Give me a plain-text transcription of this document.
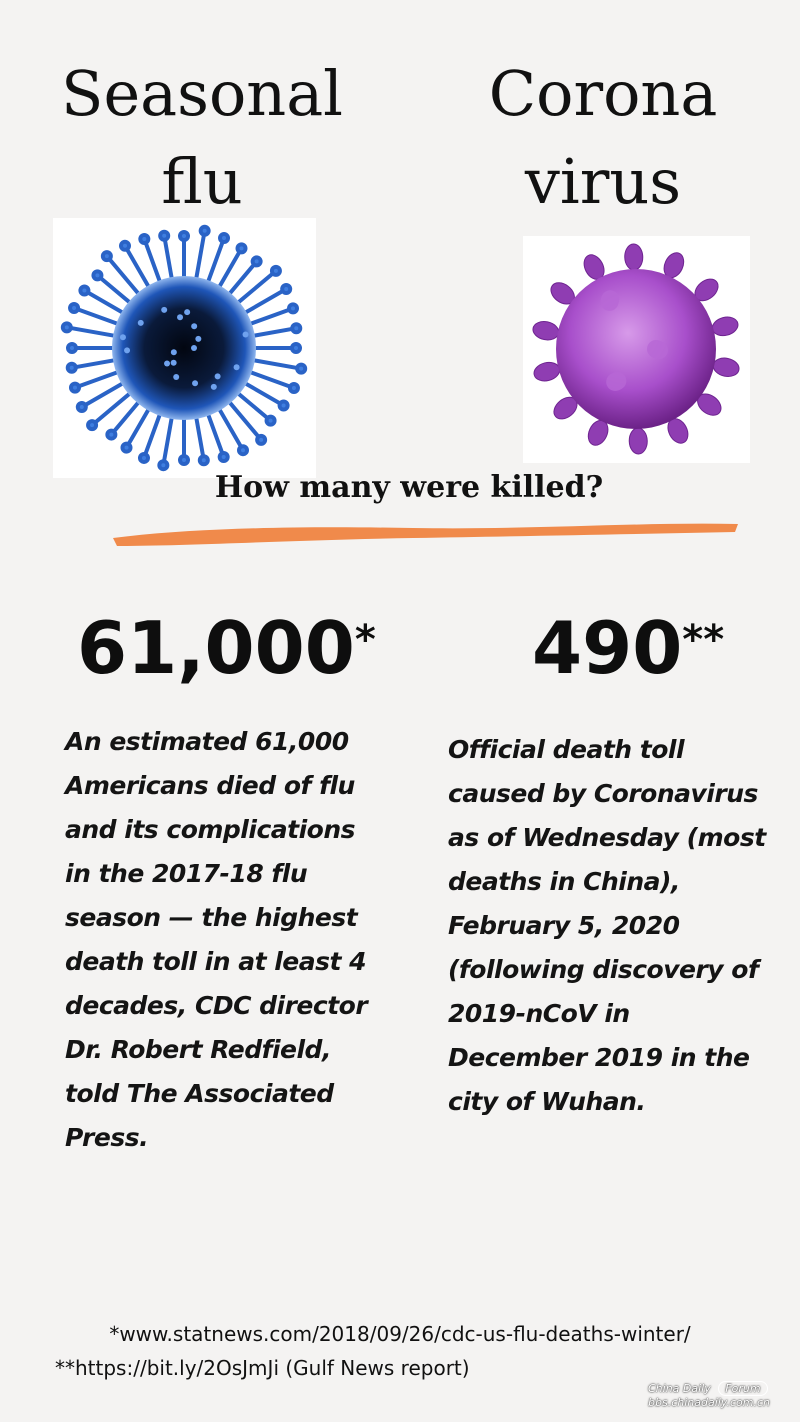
Seasonal
flu
Corona
virus
How many were killed?
61,000* 490**
An estimated 61,000 Americans died of flu and its complications in the 2017-18 flu season — the highest death toll in at least 4 decades, CDC director Dr. Robert Redfield, told The Associated Press.
Official death toll caused by Coronavirus as of Wednesday (most deaths in China), February 5, 2020 (following discovery of 2019-nCoV in December 2019 in the city of Wuhan.
*www.statnews.com/2018/09/26/cdc-us-flu-deaths-winter/
**https://bit.ly/2OsJmJi (Gulf News report)
China Daily Forum
bbs.chinadaily.com.cn
